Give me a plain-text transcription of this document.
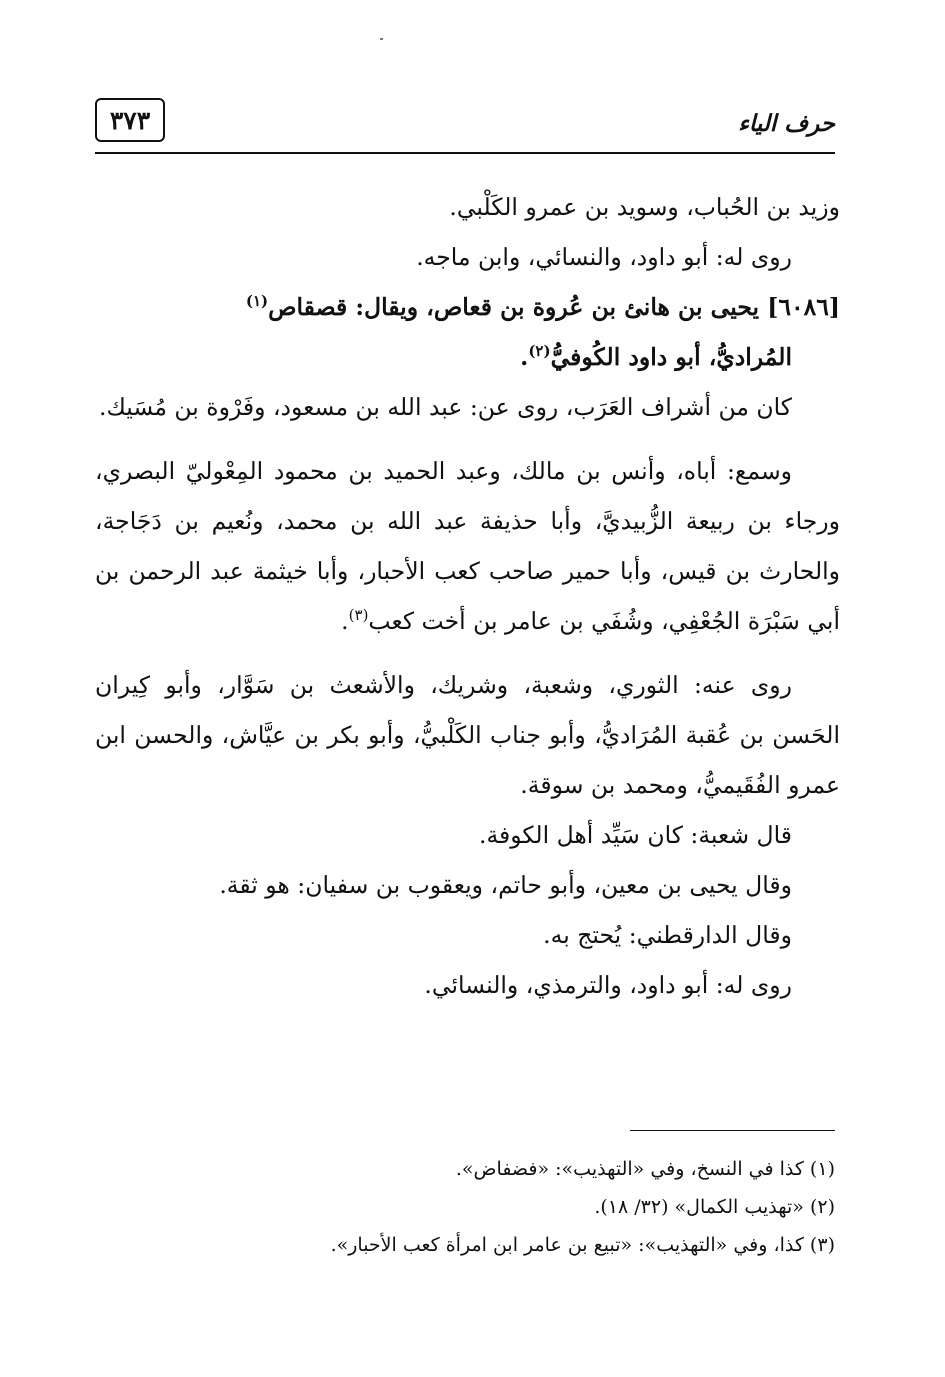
٣٧٣	حرف الياء

وزيد بن الحُباب، وسويد بن عمرو الكَلْبي.

روى له: أبو داود، والنسائي، وابن ماجه.

[٦٠٨٦] يحيى بن هانئ بن عُروة بن قعاص، ويقال: قصقاص$^{(١)}$
المُراديُّ، أبو داود الكُوفيُّ$^{(٢)}$.

كان من أشراف العَرَب، روى عن: عبد الله بن مسعود، وفَرْوة بن مُسَيك.

وسمع: أباه، وأنس بن مالك، وعبد الحميد بن محمود المِعْوليّ البصري، ورجاء بن ربيعة الزُّبيديَّ، وأبا حذيفة عبد الله بن محمد، ونُعيم بن دَجَاجة، والحارث بن قيس، وأبا حمير صاحب كعب الأحبار، وأبا خيثمة عبد الرحمن بن أبي سَبْرَة الجُعْفِي، وشُفَي بن عامر بن أخت كعب$^{(٣)}$.

روى عنه: الثوري، وشعبة، وشريك، والأشعث بن سَوَّار، وأبو كِيران الحَسن بن عُقبة المُرَاديُّ، وأبو جناب الكَلْبيُّ، وأبو بكر بن عيَّاش، والحسن ابن عمرو الفُقَيميُّ، ومحمد بن سوقة.

قال شعبة: كان سَيِّد أهل الكوفة.

وقال يحيى بن معين، وأبو حاتم، ويعقوب بن سفيان: هو ثقة.

وقال الدارقطني: يُحتج به.

روى له: أبو داود، والترمذي، والنسائي.

(١) كذا في النسخ، وفي «التهذيب»: «فضفاض».

(٢) «تهذيب الكمال» (٣٢/ ١٨).

(٣) كذا، وفي «التهذيب»: «تبيع بن عامر ابن امرأة كعب الأحبار».
